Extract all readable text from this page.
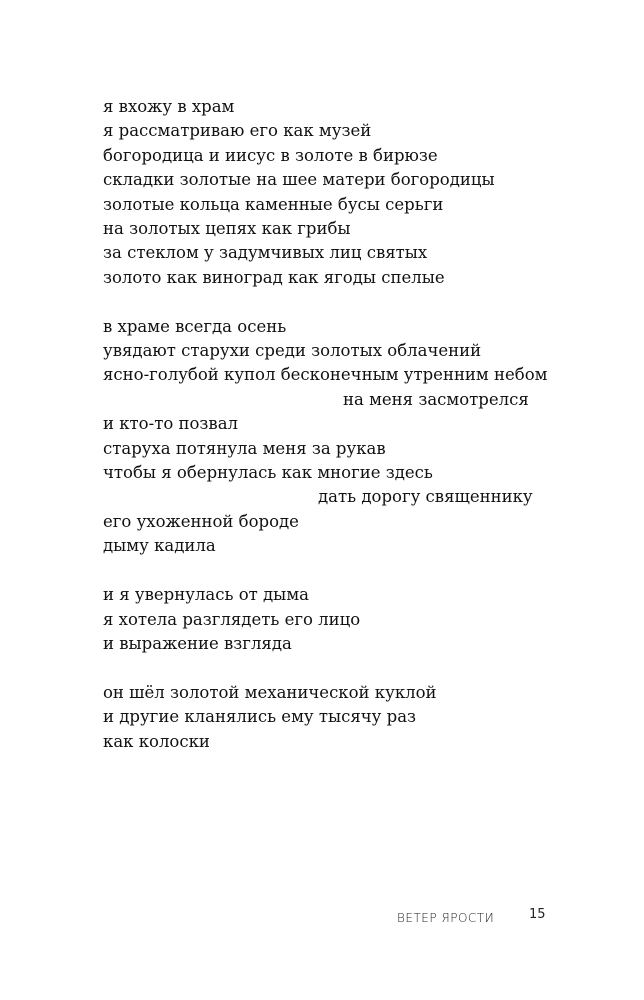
я вхожу в храм
я рассматриваю его как музей
богородица и иисус в золоте в бирюзе
складки золотые на шее матери богородицы
золотые кольца каменные бусы серьги
на золотых цепях как грибы
за стеклом у задумчивых лиц святых
золото как виноград как ягоды спелые
в храме всегда осень
увядают старухи среди золотых облачений
ясно-голубой купол бесконечным утренним небом
на меня засмотрелся
и кто-то позвал
старуха потянула меня за рукав
чтобы я обернулась как многие здесь
дать дорогу священнику
его ухоженной бороде
дыму кадила
и я увернулась от дыма
я хотела разглядеть его лицо
и выражение взгляда
он шёл золотой механической куклой
и другие кланялись ему тысячу раз
как колоски
ВЕТЕР ЯРОСТИ	15
